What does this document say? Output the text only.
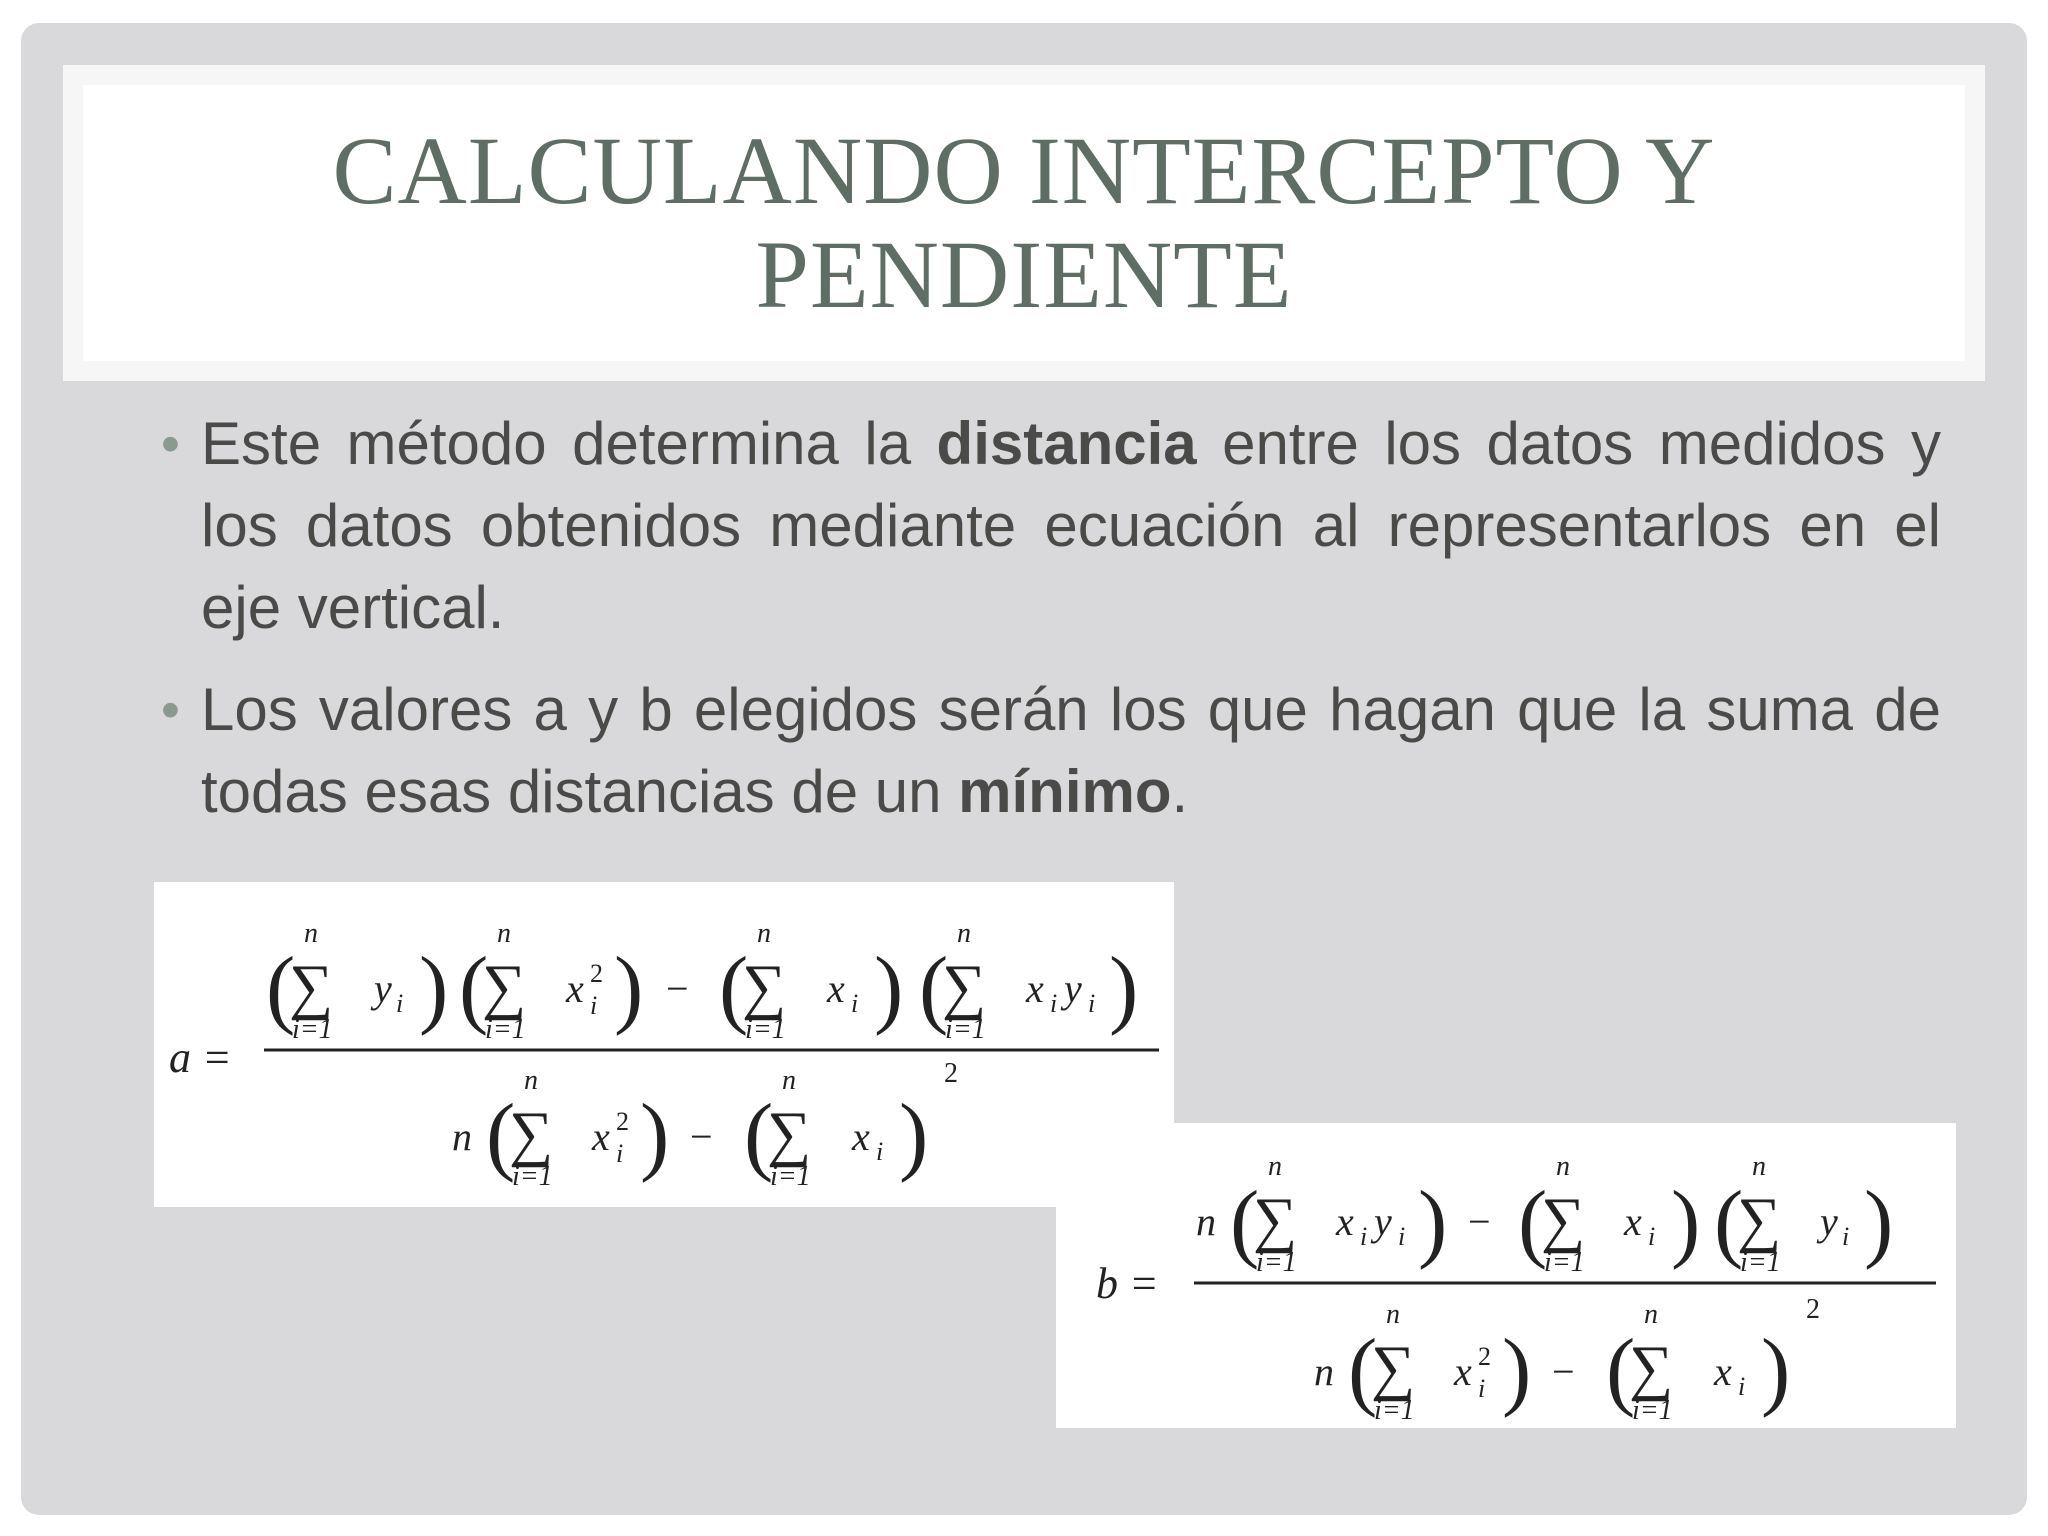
CALCULANDO INTERCEPTO Y
PENDIENTE
• Este método determina la distancia entre los datos medidos y los datos obtenidos mediante ecuación al representarlos en el eje vertical.
• Los valores a y b elegidos serán los que hagan que la suma de todas esas distancias de un mínimo.
a =
(
n
∑
i=1
y i ) (
n
∑
i=1
x 2
i ) − (
n
∑
i=1
x i ) (
n
∑
i=1
x i y i )
n (
n
∑
i=1
x 2
i ) − (
n
∑
i=1
x i )
2
b =
n (
n
∑
i=1
x i y i ) − (
n
∑
i=1
x i ) (
n
∑
i=1
y i )
n (
n
∑
i=1
x 2
i ) − (
n
∑
i=1
x i )
2
